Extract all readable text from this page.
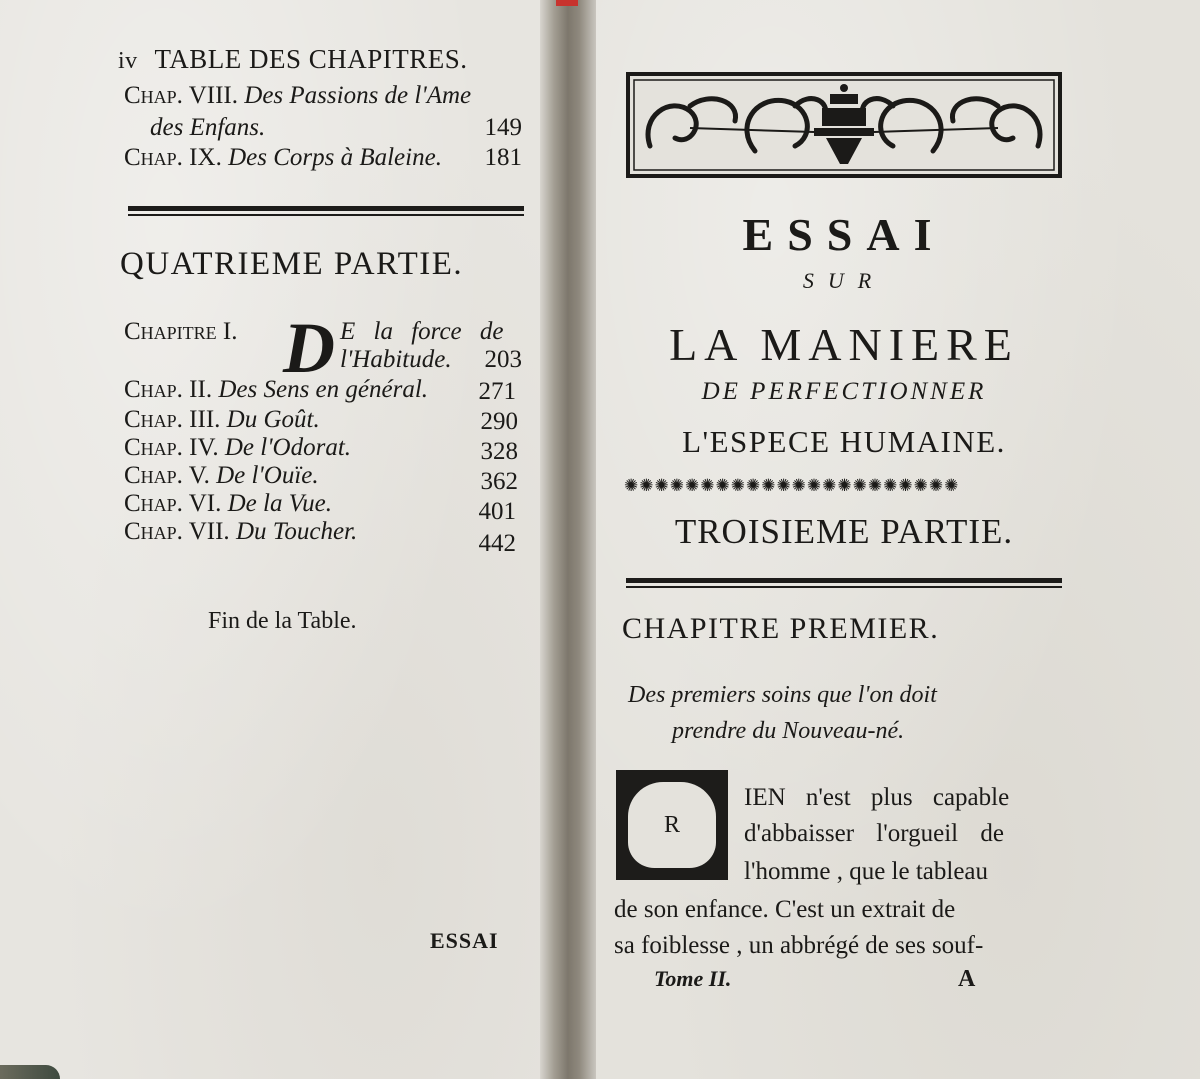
iv TABLE DES CHAPITRES.
Chap. VIII. Des Passions de l'Ame
des Enfans.	149
Chap. IX. Des Corps à Baleine.	181
QUATRIEME PARTIE.
Chapitre I. D E la force de
l'Habitude.	203
Chap. II. Des Sens en général.	271
Chap. III. Du Goût.	290
Chap. IV. De l'Odorat.	328
Chap. V. De l'Ouïe.	362
Chap. VI. De la Vue.	401
Chap. VII. Du Toucher.	442
Fin de la Table.
ESSAI
ESSAI
SUR
LA MANIERE
DE PERFECTIONNER
L'ESPECE HUMAINE.
✺✺✺✺✺✺✺✺✺✺✺✺✺✺✺✺✺✺✺✺✺✺
TROISIEME PARTIE.
CHAPITRE PREMIER.
Des premiers soins que l'on doit
prendre du Nouveau-né.
R
IEN n'est plus capable
d'abbaisser l'orgueil de
l'homme , que le tableau
de son enfance. C'est un extrait de
sa foiblesse , un abbrégé de ses souf-
Tome II.	A
